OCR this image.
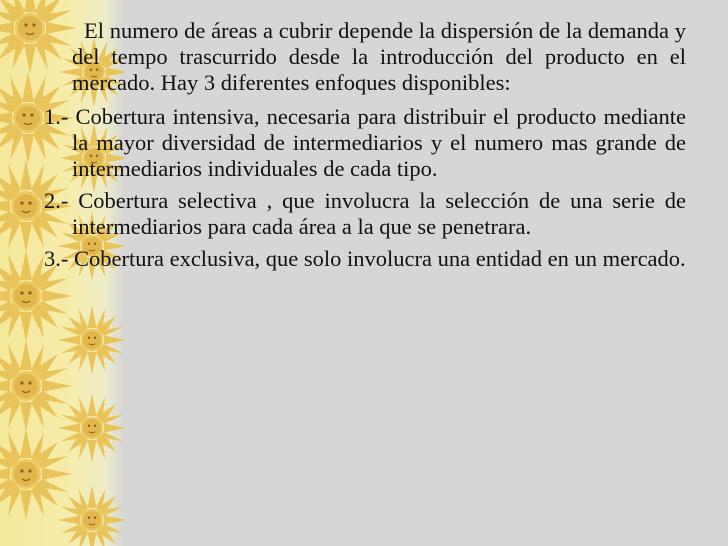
El numero de áreas a cubrir depende la dispersión de la demanda y del tempo trascurrido desde la introducción del producto en el mercado. Hay 3 diferentes enfoques disponibles:

1.- Cobertura intensiva, necesaria para distribuir el producto mediante la mayor diversidad de intermediarios y el numero mas grande de intermediarios individuales de cada tipo.

2.- Cobertura selectiva , que involucra la selección de una serie de intermediarios para cada área a la que se penetrara.

3.- Cobertura exclusiva, que solo involucra una entidad en un mercado.
